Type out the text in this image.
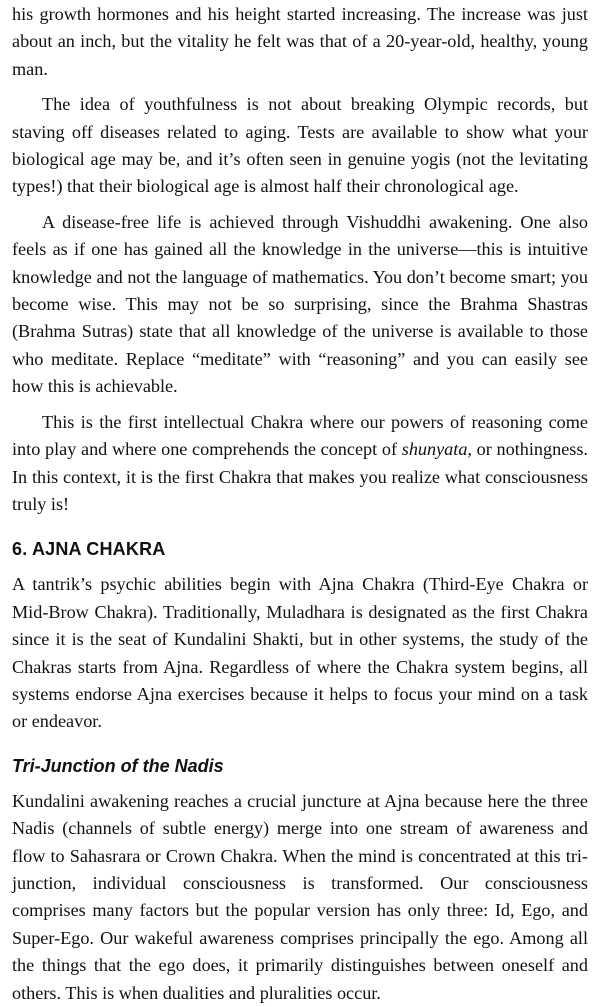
his growth hormones and his height started increasing. The increase was just about an inch, but the vitality he felt was that of a 20-year-old, healthy, young man.

The idea of youthfulness is not about breaking Olympic records, but staving off diseases related to aging. Tests are available to show what your biological age may be, and it’s often seen in genuine yogis (not the levitating types!) that their biological age is almost half their chronological age.

A disease-free life is achieved through Vishuddhi awakening. One also feels as if one has gained all the knowledge in the universe—this is intuitive knowledge and not the language of mathematics. You don’t become smart; you become wise. This may not be so surprising, since the Brahma Shastras (Brahma Sutras) state that all knowledge of the universe is available to those who meditate. Replace “meditate” with “reasoning” and you can easily see how this is achievable.

This is the first intellectual Chakra where our powers of reasoning come into play and where one comprehends the concept of shunyata, or nothingness. In this context, it is the first Chakra that makes you realize what consciousness truly is!

6. AJNA CHAKRA

A tantrik’s psychic abilities begin with Ajna Chakra (Third-Eye Chakra or Mid-Brow Chakra). Traditionally, Muladhara is designated as the first Chakra since it is the seat of Kundalini Shakti, but in other systems, the study of the Chakras starts from Ajna. Regardless of where the Chakra system begins, all systems endorse Ajna exercises because it helps to focus your mind on a task or endeavor.

Tri-Junction of the Nadis

Kundalini awakening reaches a crucial juncture at Ajna because here the three Nadis (channels of subtle energy) merge into one stream of awareness and flow to Sahasrara or Crown Chakra. When the mind is concentrated at this tri-junction, individual consciousness is transformed. Our consciousness comprises many factors but the popular version has only three: Id, Ego, and Super-Ego. Our wakeful awareness comprises principally the ego. Among all the things that the ego does, it primarily distinguishes between oneself and others. This is when dualities and pluralities occur.
